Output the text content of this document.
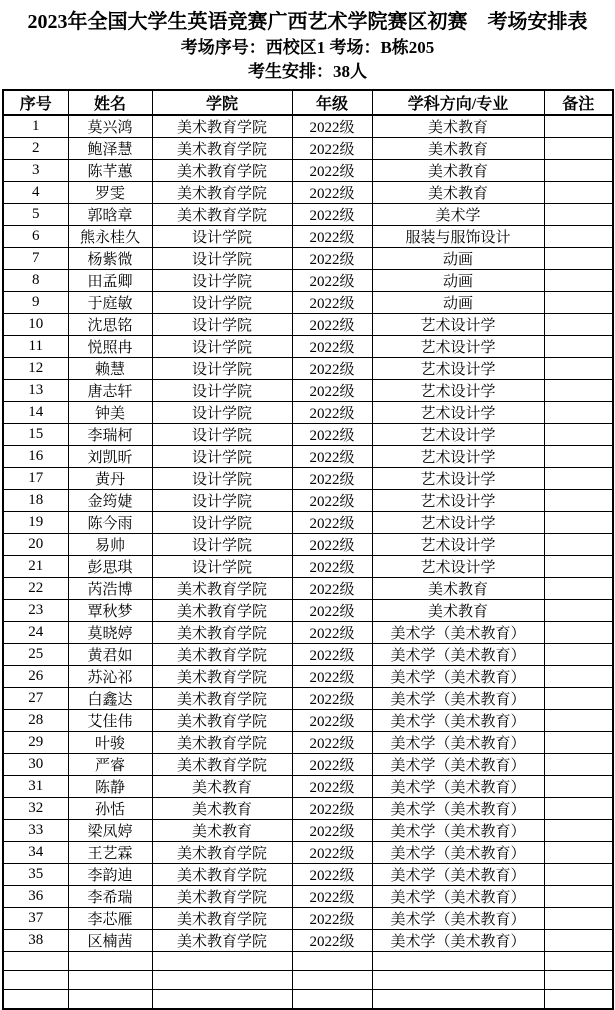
2023年全国大学生英语竞赛广西艺术学院赛区初赛　考场安排表
考场序号：西校区1 考场：B栋205
考生安排：38人
序号	姓名	学院	年级	学科方向/专业	备注
1	莫兴鸿	美术教育学院	2022级	美术教育	
2	鲍泽慧	美术教育学院	2022级	美术教育	
3	陈芊蕙	美术教育学院	2022级	美术教育	
4	罗雯	美术教育学院	2022级	美术教育	
5	郭晗章	美术教育学院	2022级	美术学	
6	熊永桂久	设计学院	2022级	服装与服饰设计	
7	杨紫微	设计学院	2022级	动画	
8	田孟卿	设计学院	2022级	动画	
9	于庭敏	设计学院	2022级	动画	
10	沈思铭	设计学院	2022级	艺术设计学	
11	悦照冉	设计学院	2022级	艺术设计学	
12	赖慧	设计学院	2022级	艺术设计学	
13	唐志轩	设计学院	2022级	艺术设计学	
14	钟美	设计学院	2022级	艺术设计学	
15	李瑞柯	设计学院	2022级	艺术设计学	
16	刘凯昕	设计学院	2022级	艺术设计学	
17	黄丹	设计学院	2022级	艺术设计学	
18	金筠婕	设计学院	2022级	艺术设计学	
19	陈今雨	设计学院	2022级	艺术设计学	
20	易帅	设计学院	2022级	艺术设计学	
21	彭思琪	设计学院	2022级	艺术设计学	
22	芮浩博	美术教育学院	2022级	美术教育	
23	覃秋梦	美术教育学院	2022级	美术教育	
24	莫晓婷	美术教育学院	2022级	美术学（美术教育）	
25	黄君如	美术教育学院	2022级	美术学（美术教育）	
26	苏沁祁	美术教育学院	2022级	美术学（美术教育）	
27	白鑫达	美术教育学院	2022级	美术学（美术教育）	
28	艾佳伟	美术教育学院	2022级	美术学（美术教育）	
29	叶骏	美术教育学院	2022级	美术学（美术教育）	
30	严睿	美术教育学院	2022级	美术学（美术教育）	
31	陈静	美术教育	2022级	美术学（美术教育）	
32	孙恬	美术教育	2022级	美术学（美术教育）	
33	梁凤婷	美术教育	2022级	美术学（美术教育）	
34	王艺霖	美术教育学院	2022级	美术学（美术教育）	
35	李韵迪	美术教育学院	2022级	美术学（美术教育）	
36	李希瑞	美术教育学院	2022级	美术学（美术教育）	
37	李芯雁	美术教育学院	2022级	美术学（美术教育）	
38	区楠茜	美术教育学院	2022级	美术学（美术教育）	
